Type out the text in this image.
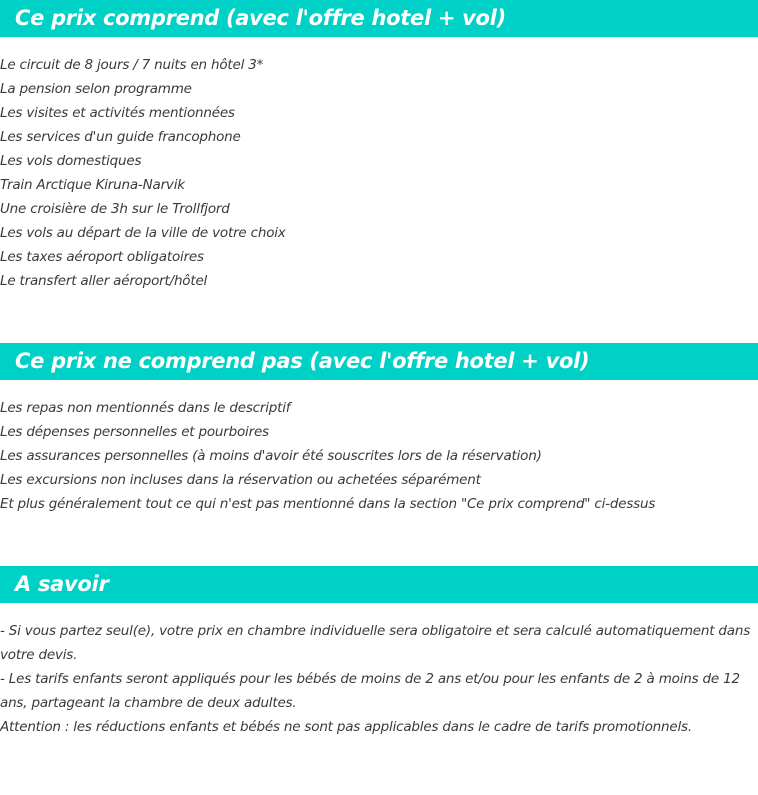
Ce prix comprend (avec l'offre hotel + vol)
Le circuit de 8 jours / 7 nuits en hôtel 3*
La pension selon programme
Les visites et activités mentionnées
Les services d'un guide francophone
Les vols domestiques
Train Arctique Kiruna-Narvik
Une croisière de 3h sur le Trollfjord
Les vols au départ de la ville de votre choix
Les taxes aéroport obligatoires
Le transfert aller aéroport/hôtel
Ce prix ne comprend pas (avec l'offre hotel + vol)
Les repas non mentionnés dans le descriptif
Les dépenses personnelles et pourboires
Les assurances personnelles (à moins d'avoir été souscrites lors de la réservation)
Les excursions non incluses dans la réservation ou achetées séparément
Et plus généralement tout ce qui n'est pas mentionné dans la section "Ce prix comprend" ci-dessus
A savoir

- Si vous partez seul(e), votre prix en chambre individuelle sera obligatoire et sera calculé automatiquement dans votre devis.

- Les tarifs enfants seront appliqués pour les bébés de moins de 2 ans et/ou pour les enfants de 2 à moins de 12 ans, partageant la chambre de deux adultes.

Attention : les réductions enfants et bébés ne sont pas applicables dans le cadre de tarifs promotionnels.
